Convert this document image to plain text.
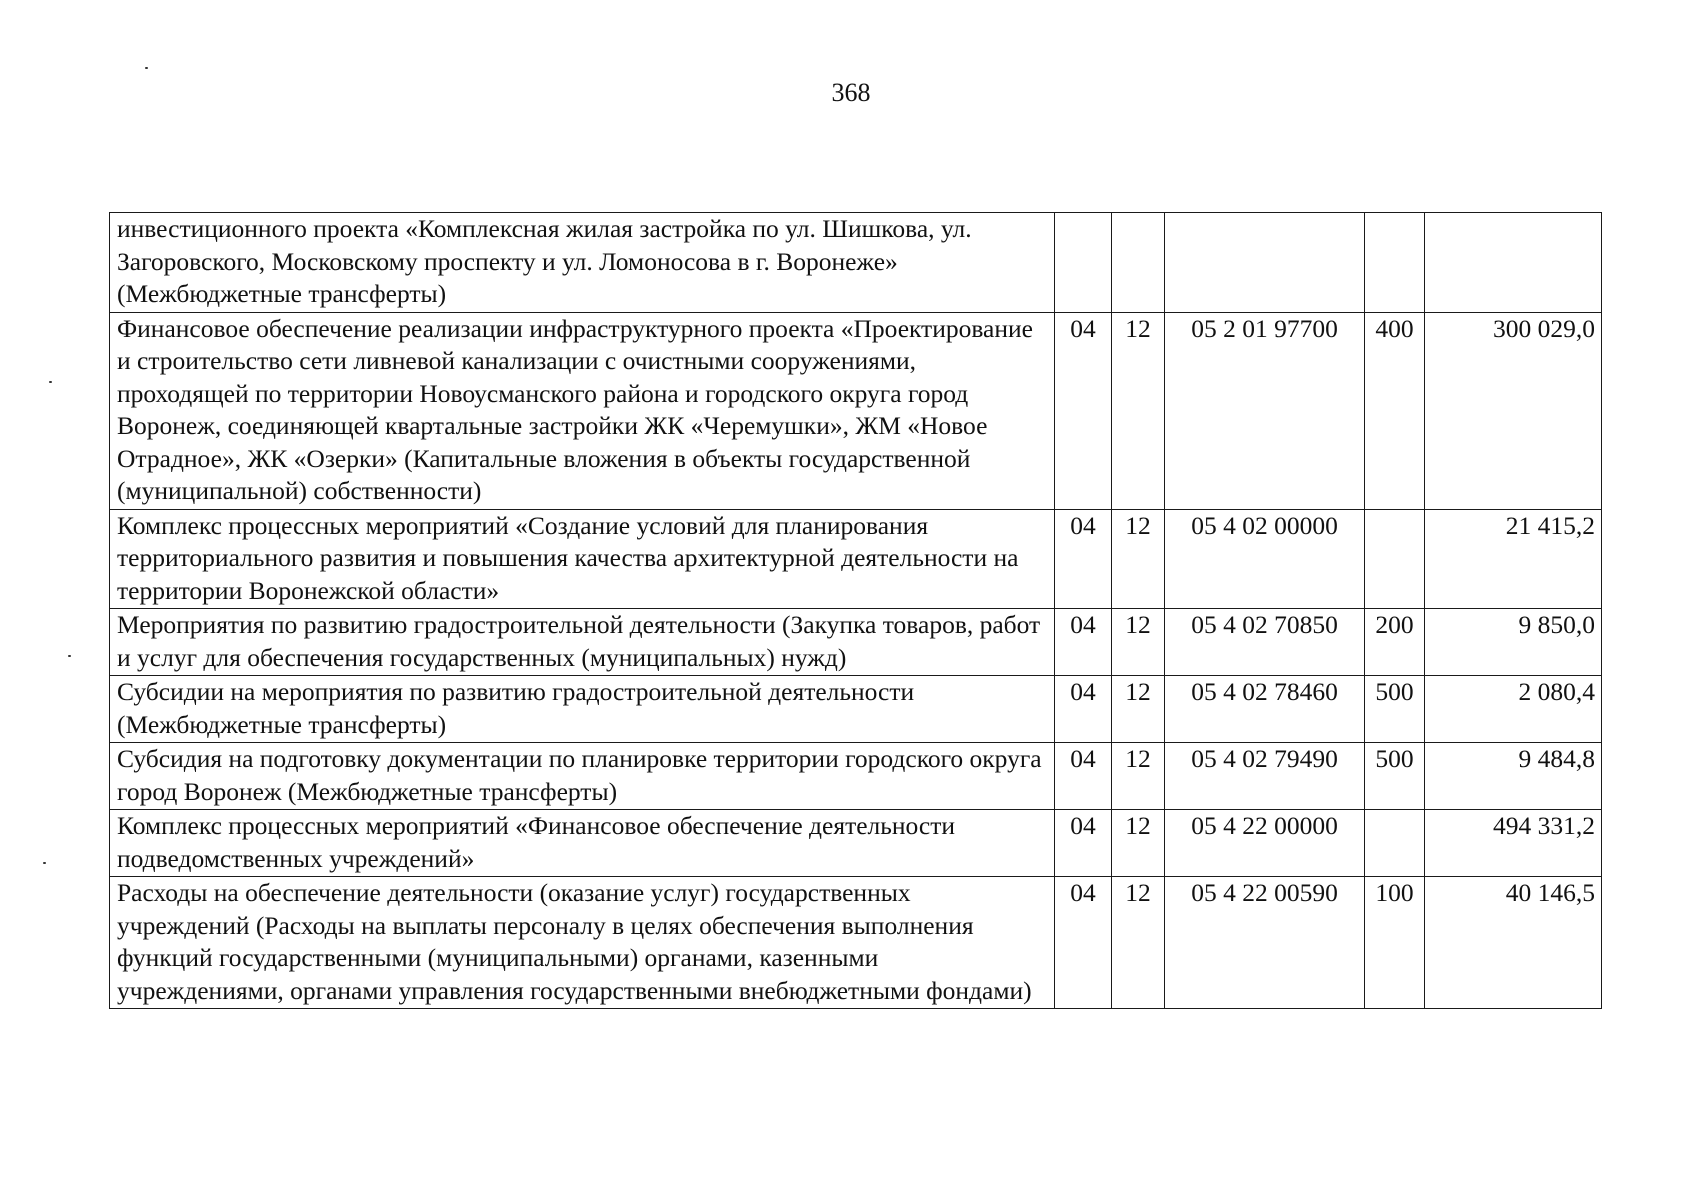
368
инвестиционного проекта «Комплексная жилая застройка по ул. Шишкова, ул. Загоровского, Московскому проспекту и ул. Ломоносова в г. Воронеже» (Межбюджетные трансферты)					
Финансовое обеспечение реализации инфраструктурного проекта «Проектирование и строительство сети ливневой канализации с очистными сооружениями, проходящей по территории Новоусманского района и городского округа город Воронеж, соединяющей квартальные застройки ЖК «Черемушки», ЖМ «Новое Отрадное», ЖК «Озерки» (Капитальные вложения в объекты государственной (муниципальной) собственности)	04	12	05 2 01 97700	400	300 029,0
Комплекс процессных мероприятий «Создание условий для планирования территориального развития и повышения качества архитектурной деятельности на территории Воронежской области»	04	12	05 4 02 00000		21 415,2
Мероприятия по развитию градостроительной деятельности (Закупка товаров, работ и услуг для обеспечения государственных (муниципальных) нужд)	04	12	05 4 02 70850	200	9 850,0
Субсидии на мероприятия по развитию градостроительной деятельности (Межбюджетные трансферты)	04	12	05 4 02 78460	500	2 080,4
Субсидия на подготовку документации по планировке территории городского округа город Воронеж (Межбюджетные трансферты)	04	12	05 4 02 79490	500	9 484,8
Комплекс процессных мероприятий «Финансовое обеспечение деятельности подведомственных учреждений»	04	12	05 4 22 00000		494 331,2
Расходы на обеспечение деятельности (оказание услуг) государственных учреждений (Расходы на выплаты персоналу в целях обеспечения выполнения функций государственными (муниципальными) органами, казенными учреждениями, органами управления государственными внебюджетными фондами)	04	12	05 4 22 00590	100	40 146,5
